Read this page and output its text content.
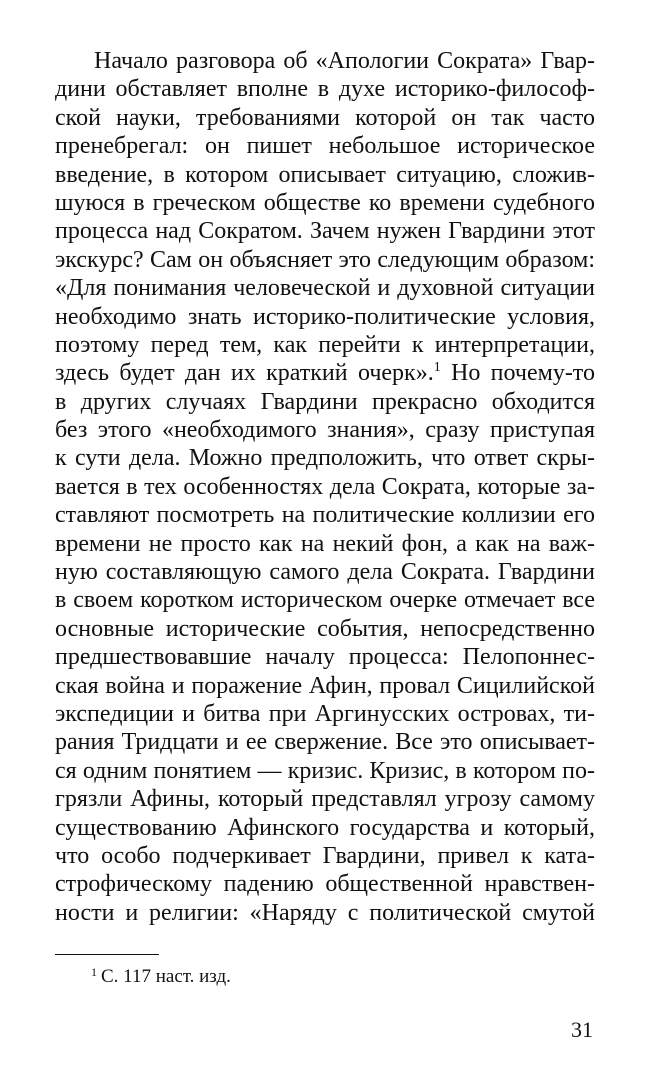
Начало разговора об «Апологии Сократа» Гвар-
дини обставляет вполне в духе историко-философ-
ской науки, требованиями которой он так часто
пренебрегал: он пишет небольшое историческое
введение, в котором описывает ситуацию, сложив-
шуюся в греческом обществе ко времени судебного
процесса над Сократом. Зачем нужен Гвардини этот
экскурс? Сам он объясняет это следующим образом:
«Для понимания человеческой и духовной ситуации
необходимо знать историко-политические условия,
поэтому перед тем, как перейти к интерпретации,
здесь будет дан их краткий очерк».$^1$ Но почему-то
в других случаях Гвардини прекрасно обходится
без этого «необходимого знания», сразу приступая
к сути дела. Можно предположить, что ответ скры-
вается в тех особенностях дела Сократа, которые за-
ставляют посмотреть на политические коллизии его
времени не просто как на некий фон, а как на важ-
ную составляющую самого дела Сократа. Гвардини
в своем коротком историческом очерке отмечает все
основные исторические события, непосредственно
предшествовавшие началу процесса: Пелопоннес-
ская война и поражение Афин, провал Сицилийской
экспедиции и битва при Аргинусских островах, ти-
рания Тридцати и ее свержение. Все это описывает-
ся одним понятием — кризис. Кризис, в котором по-
грязли Афины, который представлял угрозу самому
существованию Афинского государства и который,
что особо подчеркивает Гвардини, привел к ката-
строфическому падению общественной нравствен-
ности и религии: «Наряду с политической смутой
$^1$ С. 117 наст. изд.
31
